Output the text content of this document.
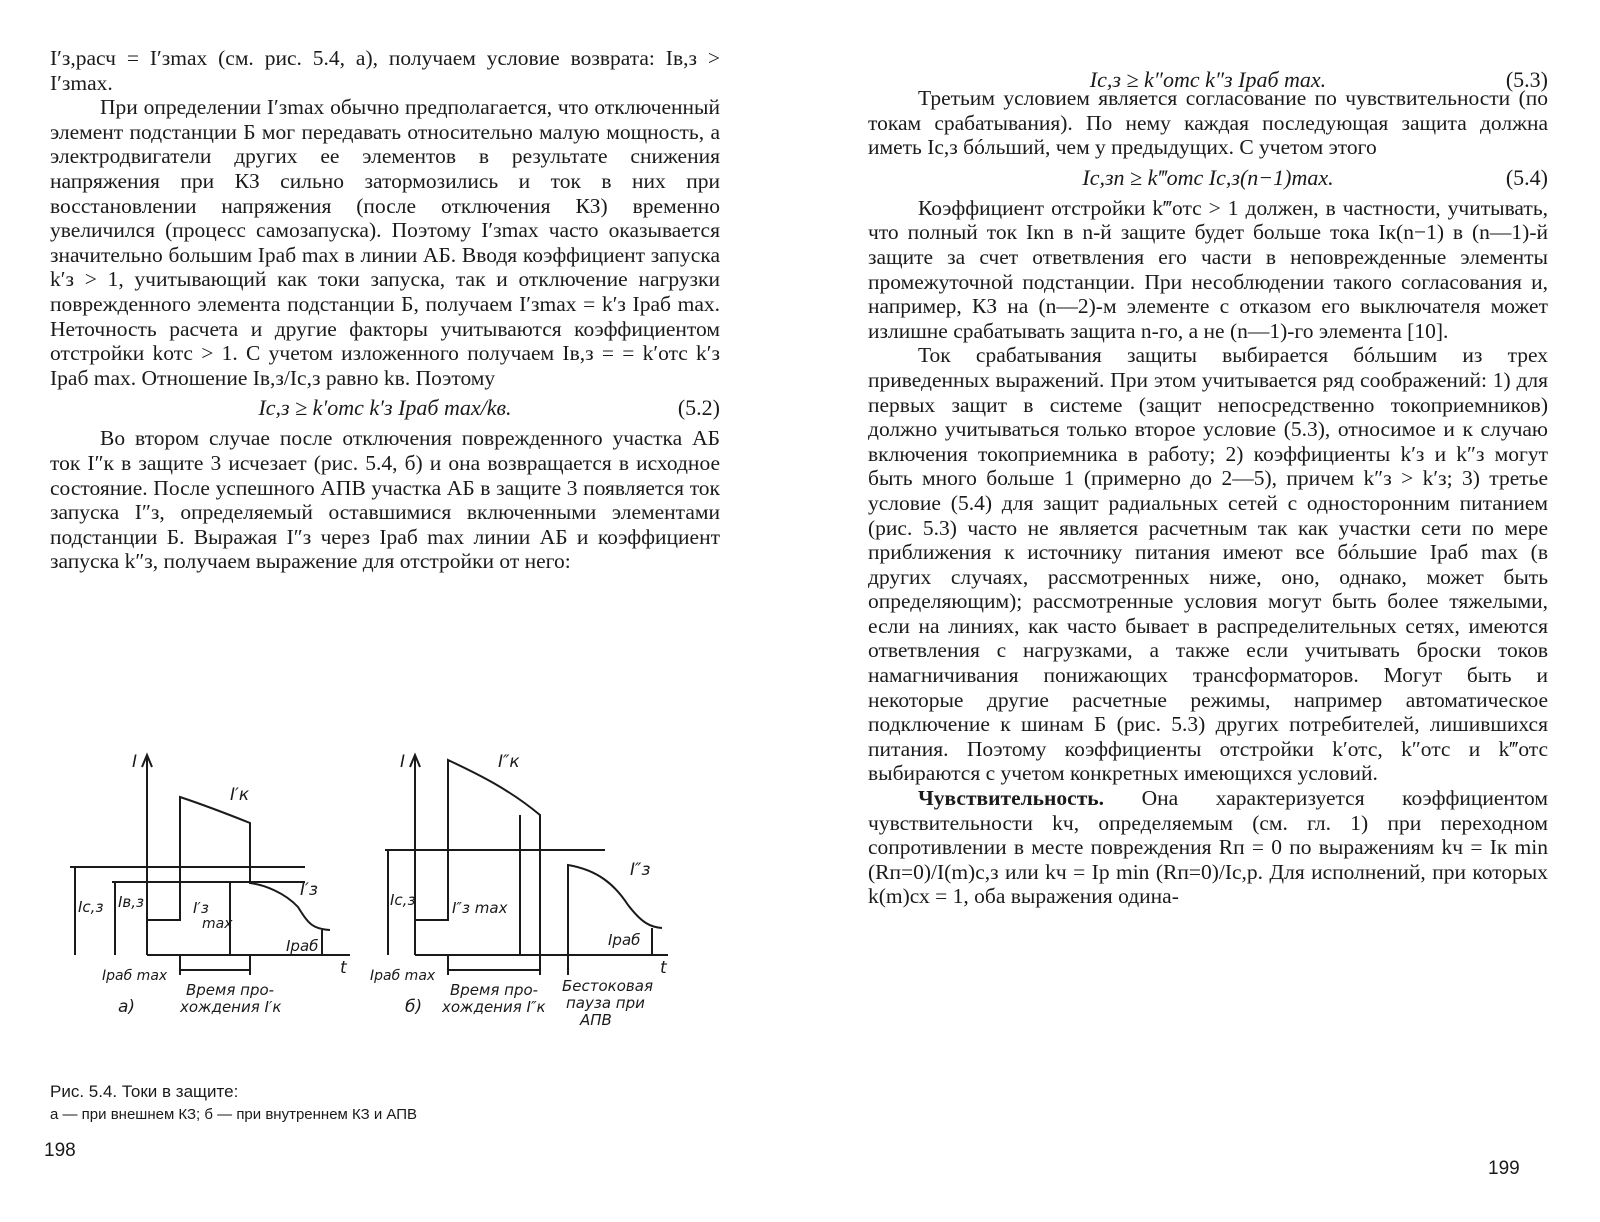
I′з,расч = I′зmax (см. рис. 5.4, а), получаем условие возврата: Iв,з > I′зmax.

При определении I′зmax обычно предполагается, что отключенный элемент подстанции Б мог передавать относительно малую мощность, а электродвигатели других ее элементов в результате снижения напряжения при КЗ сильно затормозились и ток в них при восстановлении напряжения (после отключения КЗ) временно увеличился (процесс самозапуска). Поэтому I′зmax часто оказывается значительно большим Iраб max в линии АБ. Вводя коэффициент запуска k′з > 1, учитывающий как токи запуска, так и отключение нагрузки поврежденного элемента подстанции Б, получаем I′зmax = k′з Iраб max. Неточность расчета и другие факторы учитываются коэффициентом отстройки kотс > 1. С учетом изложенного получаем Iв,з = = k′отс k′з Iраб max. Отношение Iв,з/Iс,з равно kв. Поэтому

Iс,з ≥ k′отс k′з Iраб max/kв.	(5.2)

Во втором случае после отключения поврежденного участка АБ ток I″к в защите 3 исчезает (рис. 5.4, б) и она возвращается в исходное состояние. После успешного АПВ участка АБ в защите 3 появляется ток запуска I″з, определяемый оставшимися включенными элементами подстанции Б. Выражая I″з через Iраб max линии АБ и коэффициент запуска k″з, получаем выражение для отстройки от него:

I
t
I′к
I′з
Iс,з Iв,з	I′з
max
Iраб
Iраб max
Время про-
хождения I′к
а)
I
t
I″к
I″з
Iс,з I″з max
Iраб
Iраб max
Время про-
хождения I″к
Бестоковая
пауза при
АПВ
б)
Рис. 5.4. Токи в защите:
а — при внешнем КЗ; б — при внутреннем КЗ и АПВ
198
Iс,з ≥ k″отс k″з Iраб max.	(5.3)

Третьим условием является согласование по чувствительности (по токам срабатывания). По нему каждая последующая защита должна иметь Iс,з бóльший, чем у предыдущих. С учетом этого

Iс,зn ≥ k‴отс Iс,з(n−1)max.	(5.4)

Коэффициент отстройки k‴отс > 1 должен, в частности, учитывать, что полный ток Iкn в n-й защите будет больше тока Iк(n−1) в (n—1)-й защите за счет ответвления его части в неповрежденные элементы промежуточной подстанции. При несоблюдении такого согласования и, например, КЗ на (n—2)-м элементе с отказом его выключателя может излишне срабатывать защита n-го, а не (n—1)-го элемента [10].

Ток срабатывания защиты выбирается бóльшим из трех приведенных выражений. При этом учитывается ряд соображений: 1) для первых защит в системе (защит непосредственно токоприемников) должно учитываться только второе условие (5.3), относимое и к случаю включения токоприемника в работу; 2) коэффициенты k′з и k″з могут быть много больше 1 (примерно до 2—5), причем k″з > k′з; 3) третье условие (5.4) для защит радиальных сетей с односторонним питанием (рис. 5.3) часто не является расчетным так как участки сети по мере приближения к источнику питания имеют все бóльшие Iраб max (в других случаях, рассмотренных ниже, оно, однако, может быть определяющим); рассмотренные условия могут быть более тяжелыми, если на линиях, как часто бывает в распределительных сетях, имеются ответвления с нагрузками, а также если учитывать броски токов намагничивания понижающих трансформаторов. Могут быть и некоторые другие расчетные режимы, например автоматическое подключение к шинам Б (рис. 5.3) других потребителей, лишившихся питания. Поэтому коэффициенты отстройки k′отс, k″отс и k‴отс выбираются с учетом конкретных имеющихся условий.

Чувствительность. Она характеризуется коэффициентом чувствительности kч, определяемым (см. гл. 1) при переходном сопротивлении в месте повреждения Rп = 0 по выражениям kч = Iк min (Rп=0)/I(m)с,з или kч = Iр min (Rп=0)/Iс,р. Для исполнений, при которых k(m)сх = 1, оба выражения одина-

199
